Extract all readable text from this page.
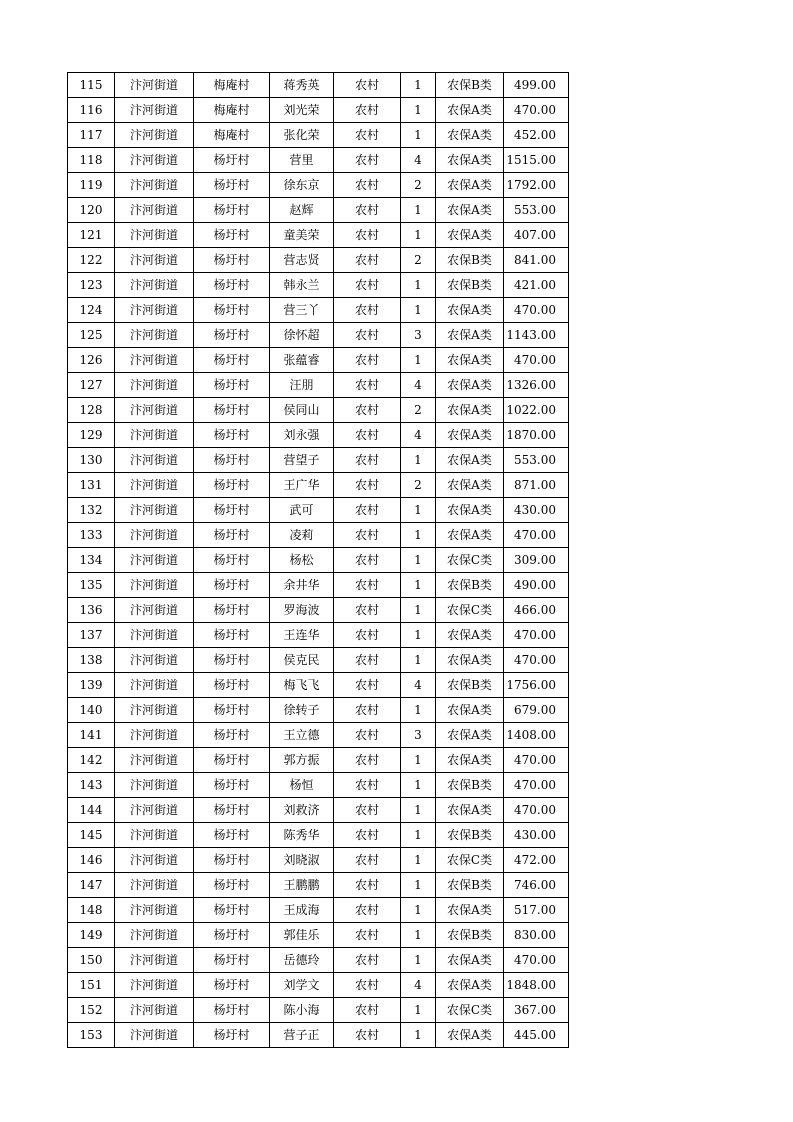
115	汴河街道	梅庵村	蒋秀英	农村	1	农保B类	499.00
116	汴河街道	梅庵村	刘光荣	农村	1	农保A类	470.00
117	汴河街道	梅庵村	张化荣	农村	1	农保A类	452.00
118	汴河街道	杨圩村	营里	农村	4	农保A类	1515.00
119	汴河街道	杨圩村	徐东京	农村	2	农保A类	1792.00
120	汴河街道	杨圩村	赵辉	农村	1	农保A类	553.00
121	汴河街道	杨圩村	童美荣	农村	1	农保A类	407.00
122	汴河街道	杨圩村	营志贤	农村	2	农保B类	841.00
123	汴河街道	杨圩村	韩永兰	农村	1	农保B类	421.00
124	汴河街道	杨圩村	营三丫	农村	1	农保A类	470.00
125	汴河街道	杨圩村	徐怀超	农村	3	农保A类	1143.00
126	汴河街道	杨圩村	张蕴睿	农村	1	农保A类	470.00
127	汴河街道	杨圩村	汪朋	农村	4	农保A类	1326.00
128	汴河街道	杨圩村	侯同山	农村	2	农保A类	1022.00
129	汴河街道	杨圩村	刘永强	农村	4	农保A类	1870.00
130	汴河街道	杨圩村	营望子	农村	1	农保A类	553.00
131	汴河街道	杨圩村	王广华	农村	2	农保A类	871.00
132	汴河街道	杨圩村	武可	农村	1	农保A类	430.00
133	汴河街道	杨圩村	凌莉	农村	1	农保A类	470.00
134	汴河街道	杨圩村	杨松	农村	1	农保C类	309.00
135	汴河街道	杨圩村	余井华	农村	1	农保B类	490.00
136	汴河街道	杨圩村	罗海波	农村	1	农保C类	466.00
137	汴河街道	杨圩村	王连华	农村	1	农保A类	470.00
138	汴河街道	杨圩村	侯克民	农村	1	农保A类	470.00
139	汴河街道	杨圩村	梅飞飞	农村	4	农保B类	1756.00
140	汴河街道	杨圩村	徐转子	农村	1	农保A类	679.00
141	汴河街道	杨圩村	王立德	农村	3	农保A类	1408.00
142	汴河街道	杨圩村	郭方振	农村	1	农保A类	470.00
143	汴河街道	杨圩村	杨恒	农村	1	农保B类	470.00
144	汴河街道	杨圩村	刘救济	农村	1	农保A类	470.00
145	汴河街道	杨圩村	陈秀华	农村	1	农保B类	430.00
146	汴河街道	杨圩村	刘晓淑	农村	1	农保C类	472.00
147	汴河街道	杨圩村	王鹏鹏	农村	1	农保B类	746.00
148	汴河街道	杨圩村	王成海	农村	1	农保A类	517.00
149	汴河街道	杨圩村	郭佳乐	农村	1	农保B类	830.00
150	汴河街道	杨圩村	岳德玲	农村	1	农保A类	470.00
151	汴河街道	杨圩村	刘学文	农村	4	农保A类	1848.00
152	汴河街道	杨圩村	陈小海	农村	1	农保C类	367.00
153	汴河街道	杨圩村	营子正	农村	1	农保A类	445.00
